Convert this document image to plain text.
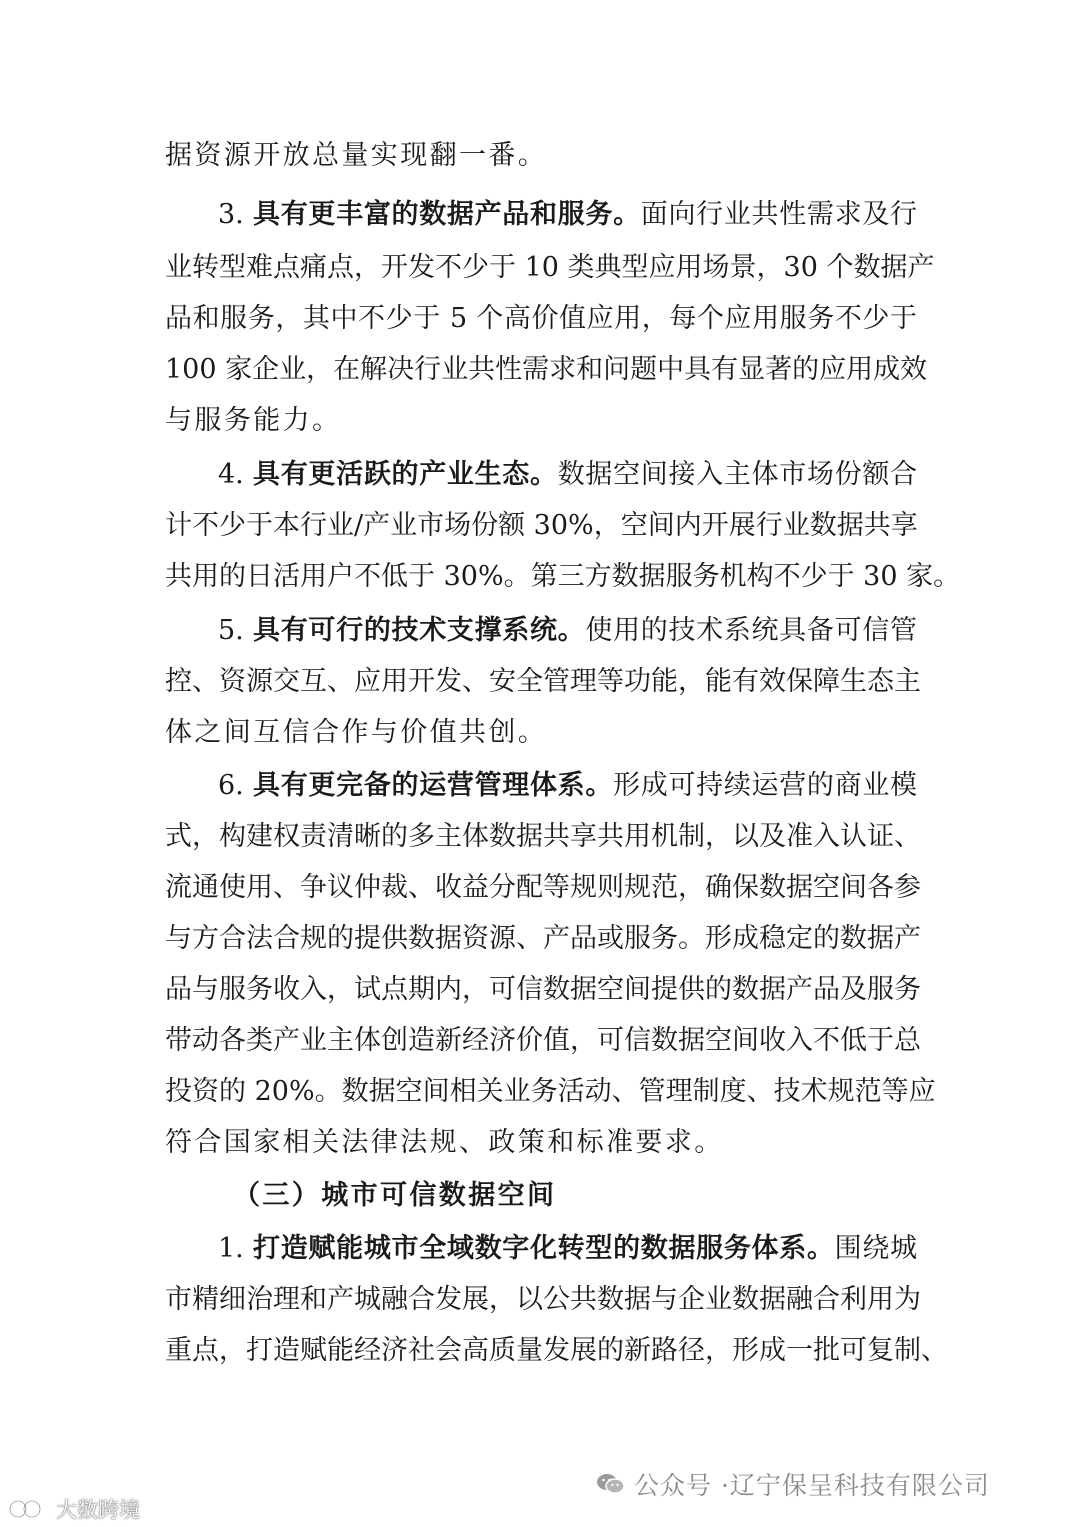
据资源开放总量实现翻一番。
3. 具有更丰富的数据产品和服务。面向行业共性需求及行
业转型难点痛点，开发不少于 10 类典型应用场景，30 个数据产
品和服务，其中不少于 5 个高价值应用，每个应用服务不少于
100 家企业，在解决行业共性需求和问题中具有显著的应用成效
与服务能力。
4. 具有更活跃的产业生态。数据空间接入主体市场份额合
计不少于本行业/产业市场份额 30%，空间内开展行业数据共享
共用的日活用户不低于 30%。第三方数据服务机构不少于 30 家。
5. 具有可行的技术支撑系统。使用的技术系统具备可信管
控、资源交互、应用开发、安全管理等功能，能有效保障生态主
体之间互信合作与价值共创。
6. 具有更完备的运营管理体系。形成可持续运营的商业模
式，构建权责清晰的多主体数据共享共用机制，以及准入认证、
流通使用、争议仲裁、收益分配等规则规范，确保数据空间各参
与方合法合规的提供数据资源、产品或服务。形成稳定的数据产
品与服务收入，试点期内，可信数据空间提供的数据产品及服务
带动各类产业主体创造新经济价值，可信数据空间收入不低于总
投资的 20%。数据空间相关业务活动、管理制度、技术规范等应
符合国家相关法律法规、政策和标准要求。
（三）城市可信数据空间
1. 打造赋能城市全域数字化转型的数据服务体系。围绕城
市精细治理和产城融合发展，以公共数据与企业数据融合利用为
重点，打造赋能经济社会高质量发展的新路径，形成一批可复制、
公众号 · 辽宁保呈科技有限公司
大数跨境
